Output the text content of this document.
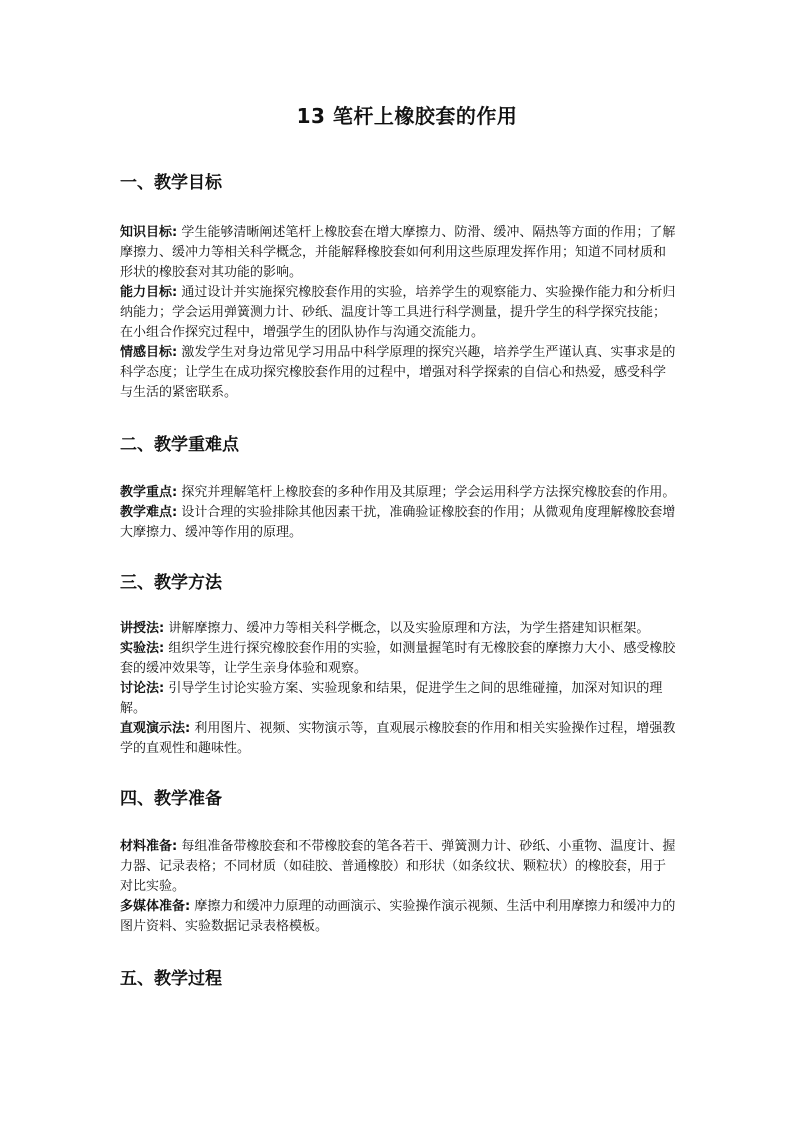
13 笔杆上橡胶套的作用
一、教学目标

知识目标: 学生能够清晰阐述笔杆上橡胶套在增大摩擦力、防滑、缓冲、隔热等方面的作用；了解摩擦力、缓冲力等相关科学概念，并能解释橡胶套如何利用这些原理发挥作用；知道不同材质和形状的橡胶套对其功能的影响。

能力目标: 通过设计并实施探究橡胶套作用的实验，培养学生的观察能力、实验操作能力和分析归纳能力；学会运用弹簧测力计、砂纸、温度计等工具进行科学测量，提升学生的科学探究技能；在小组合作探究过程中，增强学生的团队协作与沟通交流能力。

情感目标: 激发学生对身边常见学习用品中科学原理的探究兴趣，培养学生严谨认真、实事求是的科学态度；让学生在成功探究橡胶套作用的过程中，增强对科学探索的自信心和热爱，感受科学与生活的紧密联系。

二、教学重难点

教学重点: 探究并理解笔杆上橡胶套的多种作用及其原理；学会运用科学方法探究橡胶套的作用。

教学难点: 设计合理的实验排除其他因素干扰，准确验证橡胶套的作用；从微观角度理解橡胶套增大摩擦力、缓冲等作用的原理。

三、教学方法

讲授法: 讲解摩擦力、缓冲力等相关科学概念，以及实验原理和方法，为学生搭建知识框架。

实验法: 组织学生进行探究橡胶套作用的实验，如测量握笔时有无橡胶套的摩擦力大小、感受橡胶套的缓冲效果等，让学生亲身体验和观察。

讨论法: 引导学生讨论实验方案、实验现象和结果，促进学生之间的思维碰撞，加深对知识的理解。

直观演示法: 利用图片、视频、实物演示等，直观展示橡胶套的作用和相关实验操作过程，增强教学的直观性和趣味性。

四、教学准备

材料准备: 每组准备带橡胶套和不带橡胶套的笔各若干、弹簧测力计、砂纸、小重物、温度计、握力器、记录表格；不同材质（如硅胶、普通橡胶）和形状（如条纹状、颗粒状）的橡胶套，用于对比实验。

多媒体准备: 摩擦力和缓冲力原理的动画演示、实验操作演示视频、生活中利用摩擦力和缓冲力的图片资料、实验数据记录表格模板。

五、教学过程
